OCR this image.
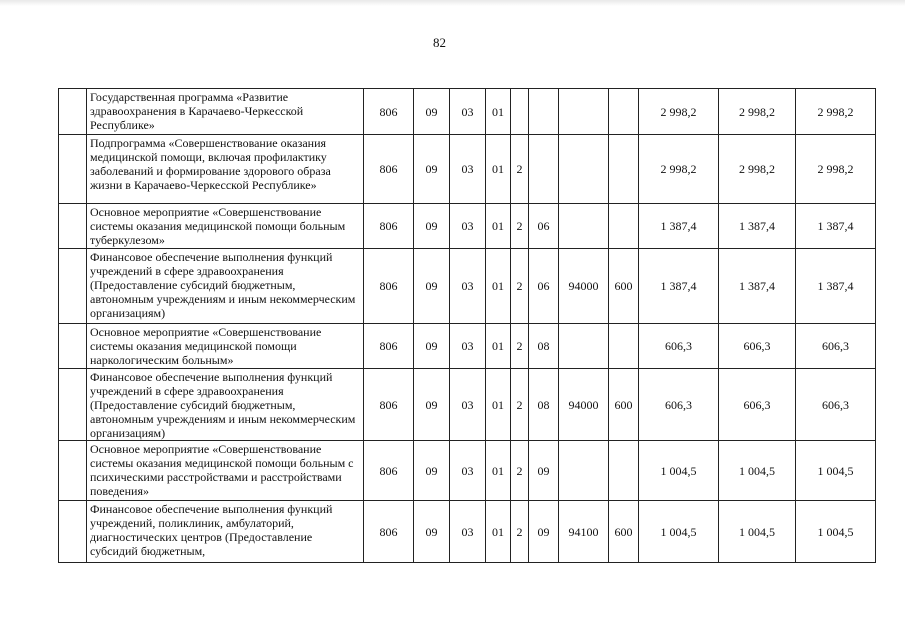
82
	Государственная программа «Развитие здравоохранения в Карачаево-Черкесской Республике»	806	09	03	01					2 998,2	2 998,2	2 998,2
	Подпрограмма «Совершенствование оказания медицинской помощи, включая профилактику заболеваний и формирование здорового образа жизни в Карачаево-Черкесской Республике»	806	09	03	01	2				2 998,2	2 998,2	2 998,2
	Основное мероприятие «Совершенствование системы оказания медицинской помощи больным туберкулезом»	806	09	03	01	2	06			1 387,4	1 387,4	1 387,4
	Финансовое обеспечение выполнения функций учреждений в сфере здравоохранения (Предоставление субсидий бюджетным, автономным учреждениям и иным некоммерческим организациям)	806	09	03	01	2	06	94000	600	1 387,4	1 387,4	1 387,4
	Основное мероприятие «Совершенствование системы оказания медицинской помощи наркологическим больным»	806	09	03	01	2	08			606,3	606,3	606,3
	Финансовое обеспечение выполнения функций учреждений в сфере здравоохранения (Предоставление субсидий бюджетным, автономным учреждениям и иным некоммерческим организациям)	806	09	03	01	2	08	94000	600	606,3	606,3	606,3
	Основное мероприятие «Совершенствование системы оказания медицинской помощи больным с психическими расстройствами и расстройствами поведения»	806	09	03	01	2	09			1 004,5	1 004,5	1 004,5
	Финансовое обеспечение выполнения функций учреждений, поликлиник, амбулаторий, диагностических центров (Предоставление субсидий бюджетным,	806	09	03	01	2	09	94100	600	1 004,5	1 004,5	1 004,5
